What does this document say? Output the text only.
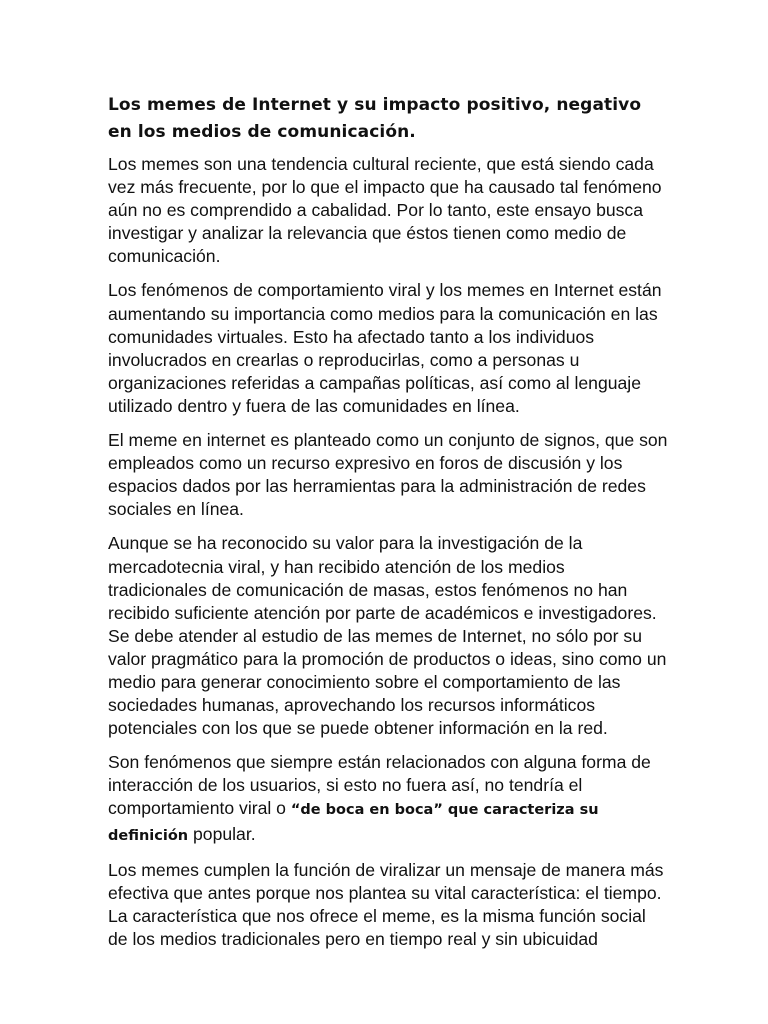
Los memes de Internet y su impacto positivo, negativo en los medios de comunicación.

Los memes son una tendencia cultural reciente, que está siendo cada vez más frecuente, por lo que el impacto que ha causado tal fenómeno aún no es comprendido a cabalidad. Por lo tanto, este ensayo busca investigar y analizar la relevancia que éstos tienen como medio de comunicación.

Los fenómenos de comportamiento viral y los memes en Internet están aumentando su importancia como medios para la comunicación en las comunidades virtuales. Esto ha afectado tanto a los individuos involucrados en crearlas o reproducirlas, como a personas u organizaciones referidas a campañas políticas, así como al lenguaje utilizado dentro y fuera de las comunidades en línea.

El meme en internet es planteado como un conjunto de signos, que son empleados como un recurso expresivo en foros de discusión y los espacios dados por las herramientas para la administración de redes sociales en línea.

Aunque se ha reconocido su valor para la investigación de la mercadotecnia viral, y han recibido atención de los medios tradicionales de comunicación de masas, estos fenómenos no han recibido suficiente atención por parte de académicos e investigadores. Se debe atender al estudio de las memes de Internet, no sólo por su valor pragmático para la promoción de productos o ideas, sino como un medio para generar conocimiento sobre el comportamiento de las sociedades humanas, aprovechando los recursos informáticos potenciales con los que se puede obtener información en la red.

Son fenómenos que siempre están relacionados con alguna forma de interacción de los usuarios, si esto no fuera así, no tendría el comportamiento viral o “de boca en boca” que caracteriza su definición popular.

Los memes cumplen la función de viralizar un mensaje de manera más efectiva que antes porque nos plantea su vital característica: el tiempo. La característica que nos ofrece el meme, es la misma función social de los medios tradicionales pero en tiempo real y sin ubicuidad
